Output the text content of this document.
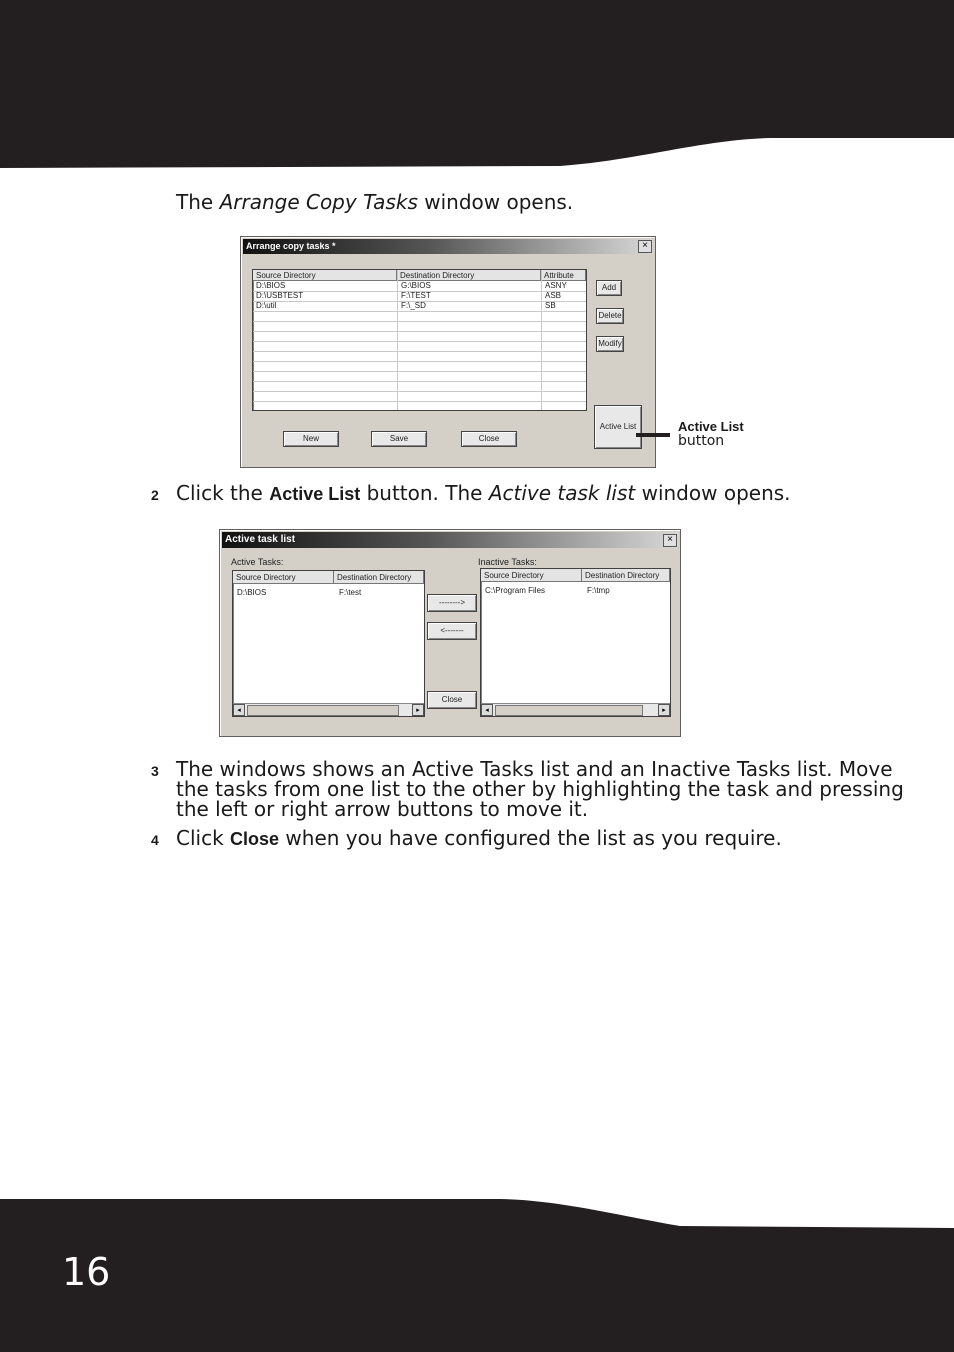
The Arrange Copy Tasks window opens.
Arrange copy tasks *	×
Source Directory	Destination Directory	Attribute
D:\BIOS	G:\BIOS	ASNY
D:\USBTEST	F:\TEST	ASB
D:\util	F:\_SD	SB
Add
Delete
Modify
Active List
New	Save	Close
Active List
button
2 Click the Active List button. The Active task list window opens.
Active task list	×
Active Tasks:	Inactive Tasks:
Source Directory	Destination Directory
D:\BIOS	F:\test
◂	▸
-------->
<-------
Close
Source Directory	Destination Directory
C:\Program Files	F:\tmp
◂	▸
3 The windows shows an Active Tasks list and an Inactive Tasks list. Move
the tasks from one list to the other by highlighting the task and pressing
the left or right arrow buttons to move it.
4 Click Close when you have configured the list as you require.
16
